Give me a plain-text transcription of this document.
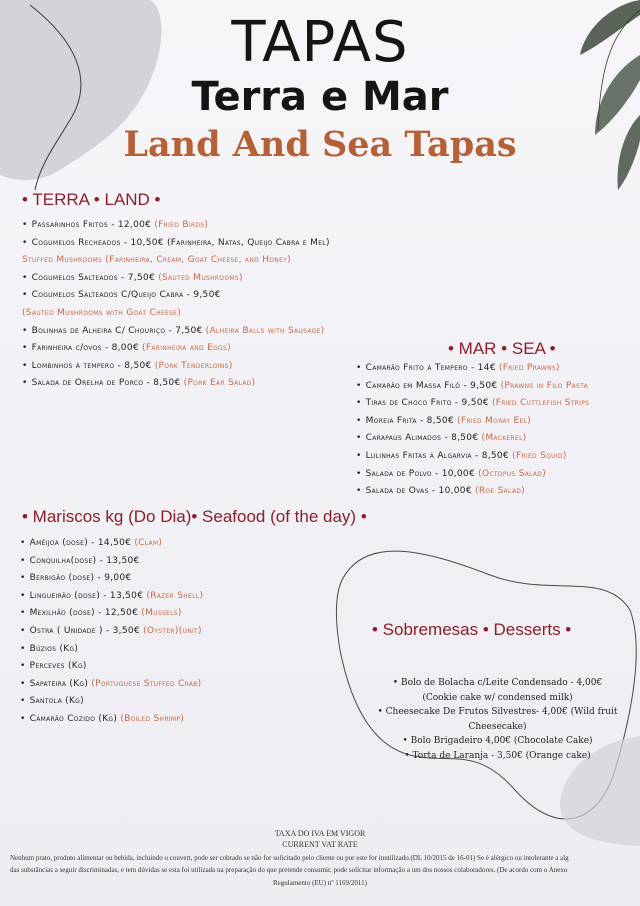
TAPAS
Terra e Mar
Land And Sea Tapas
• TERRA • LAND •
• Passarinhos Fritos - 12,00€ (Fried Birds)
• Cogumelos Recheados - 10,50€ (Farinheira, Natas, Queijo Cabra e Mel)
Stuffed Mushrooms (Farinheira, Cream, Goat Cheese, and Honey)
• Cogumelos Salteados - 7,50€ (Sauted Mushrooms)
• Cogumelos Salteados C/Queijo Cabra - 9,50€
(Sauted Mushrooms with Goat Cheese)
• Bolinhas de Alheira C/ Chouriço - 7,50€ (Alheira Balls with Sausage)
• Farinheira c/ovos - 8,00€ (Farinheira and Eggs)
• Lombinhos á tempero - 8,50€ (Pork Tenderloins)
• Salada de Orelha de Porco - 8,50€ (Pork Ear Salad)
• MAR • SEA •
• Camarão Frito á Tempero - 14€ (Fried Prawns)
• Camarão em Massa Filó - 9,50€ (Prawns in Filo Pasta
• Tiras de Choco Frito - 9,50€ (Fried Cuttlefish Strips
• Moreia Frita - 8,50€ (Fried Moray Eel)
• Carapaus Alimados - 8,50€ (Mackerel)
• Lulinhas Fritas á Algarvia - 8,50€ (Fried Squid)
• Salada de Polvo - 10,00€ (Octopus Salad)
• Salada de Ovas - 10,00€ (Roe Salad)
• Mariscos kg (Do Dia)• Seafood (of the day) •
• Amêijoa (dose) - 14,50€ (Clam)
• Conquilha(dose) - 13,50€
• Berbigão (dose) - 9,00€
• Lingueirão (dose) - 13,50€ (Razer Shell)
• Mexilhão (dose) - 12,50€ (Mussels)
• Ostra ( Unidade ) - 3,50€ (Oyster)(unit)
• Búzios (Kg)
• Perceves (Kg)
• Sapateira (Kg) (Portuguese Stuffed Crab)
• Santola (Kg)
• Camarão Cozido (Kg) (Boiled Shrimp)
• Sobremesas • Desserts •
• Bolo de Bolacha c/Leite Condensado - 4,00€
(Cookie cake w/ condensed milk)
• Cheesecake De Frutos Silvestres- 4,00€ (Wild fruit Cheesecake)
• Bolo Brigadeiro 4,00€ (Chocolate Cake)
• Torta de Laranja - 3,50€ (Orange cake)
TAXA DO IVA EM VIGOR
CURRENT VAT RATE
Nenhum prato, produto alimentar ou bebida, incluindo o couvert, pode ser cobrado se não for solicitado pelo cliente ou por este for inutilizado.(DL 10/2015 de 16-01) Se é alérgico ou intolerante a alg
das substâncias a seguir discriminadas, e tem dúvidas se esta foi utilizada na preparação do que pretende consumir, pode solicitar informação a um dos nossos colaboradores. (De acordo com o Anexo
Regulamento (EU) nº 1169/2011)
